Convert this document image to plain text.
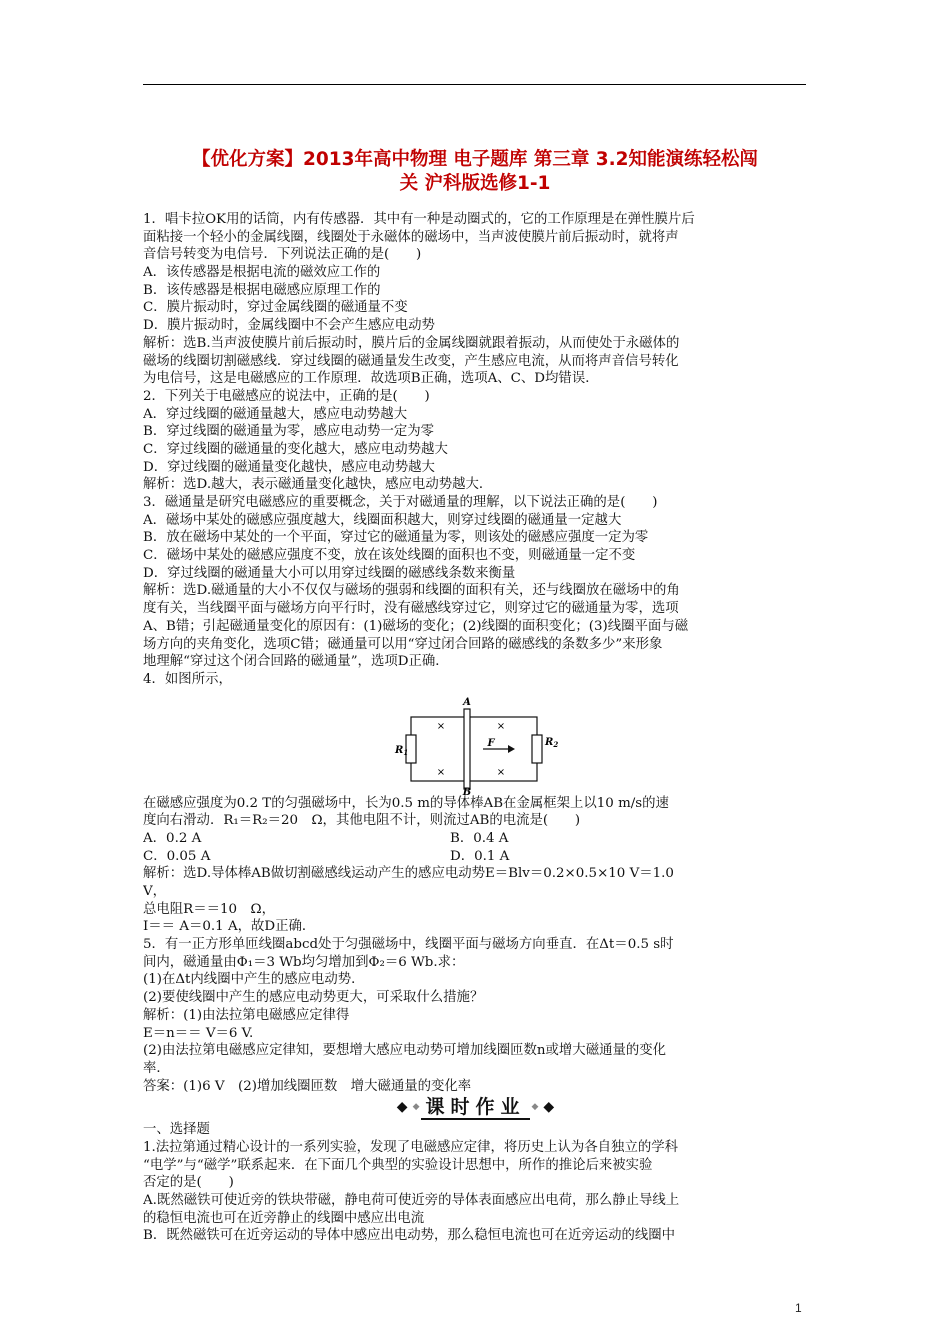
【优化方案】2013年高中物理 电子题库 第三章 3.2知能演练轻松闯
关 沪科版选修1-1
1．唱卡拉OK用的话筒，内有传感器．其中有一种是动圈式的，它的工作原理是在弹性膜片后
面粘接一个轻小的金属线圈，线圈处于永磁体的磁场中，当声波使膜片前后振动时，就将声
音信号转变为电信号．下列说法正确的是(　　)
A．该传感器是根据电流的磁效应工作的
B．该传感器是根据电磁感应原理工作的
C．膜片振动时，穿过金属线圈的磁通量不变
D．膜片振动时，金属线圈中不会产生感应电动势
解析：选B.当声波使膜片前后振动时，膜片后的金属线圈就跟着振动，从而使处于永磁体的
磁场的线圈切割磁感线．穿过线圈的磁通量发生改变，产生感应电流，从而将声音信号转化
为电信号，这是电磁感应的工作原理．故选项B正确，选项A、C、D均错误．
2．下列关于电磁感应的说法中，正确的是(　　)
A．穿过线圈的磁通量越大，感应电动势越大
B．穿过线圈的磁通量为零，感应电动势一定为零
C．穿过线圈的磁通量的变化越大，感应电动势越大
D．穿过线圈的磁通量变化越快，感应电动势越大
解析：选D.越大，表示磁通量变化越快，感应电动势越大．
3．磁通量是研究电磁感应的重要概念，关于对磁通量的理解，以下说法正确的是(　　)
A．磁场中某处的磁感应强度越大，线圈面积越大，则穿过线圈的磁通量一定越大
B．放在磁场中某处的一个平面，穿过它的磁通量为零，则该处的磁感应强度一定为零
C．磁场中某处的磁感应强度不变，放在该处线圈的面积也不变，则磁通量一定不变
D．穿过线圈的磁通量大小可以用穿过线圈的磁感线条数来衡量
解析：选D.磁通量的大小不仅仅与磁场的强弱和线圈的面积有关，还与线圈放在磁场中的角
度有关，当线圈平面与磁场方向平行时，没有磁感线穿过它，则穿过它的磁通量为零，选项
A、B错；引起磁通量变化的原因有：(1)磁场的变化；(2)线圈的面积变化；(3)线圈平面与磁
场方向的夹角变化，选项C错；磁通量可以用“穿过闭合回路的磁感线的条数多少”来形象
地理解“穿过这个闭合回路的磁通量”，选项D正确．
4．如图所示，
×
×
×
×
A
B
F
$R_1$
$R_2$
在磁感应强度为0.2 T的匀强磁场中，长为0.5 m的导体棒AB在金属框架上以10 m/s的速
度向右滑动．R₁＝R₂＝20　Ω，其他电阻不计，则流过AB的电流是(　　)
A．0.2 A	B．0.4 A
C．0.05 A	D．0.1 A
解析：选D.导体棒AB做切割磁感线运动产生的感应电动势E＝Blv＝0.2×0.5×10 V＝1.0
V，
总电阻R＝＝10　Ω，
I＝＝ A＝0.1 A，故D正确．
5．有一正方形单匝线圈abcd处于匀强磁场中，线圈平面与磁场方向垂直．在Δt＝0.5 s时
间内，磁通量由Φ₁＝3 Wb均匀增加到Φ₂＝6 Wb.求：
(1)在Δt内线圈中产生的感应电动势．
(2)要使线圈中产生的感应电动势更大，可采取什么措施？
解析：(1)由法拉第电磁感应定律得
E＝n＝＝ V＝6 V.
(2)由法拉第电磁感应定律知，要想增大感应电动势可增加线圈匝数n或增大磁通量的变化
率．
答案：(1)6 V　(2)增加线圈匝数　增大磁通量的变化率
◆ ◆ 课时作业 ◆ ◆
一、选择题
1.法拉第通过精心设计的一系列实验，发现了电磁感应定律，将历史上认为各自独立的学科
“电学”与“磁学”联系起来．在下面几个典型的实验设计思想中，所作的推论后来被实验
否定的是(　　)
A.既然磁铁可使近旁的铁块带磁，静电荷可使近旁的导体表面感应出电荷，那么静止导线上
的稳恒电流也可在近旁静止的线圈中感应出电流
B．既然磁铁可在近旁运动的导体中感应出电动势，那么稳恒电流也可在近旁运动的线圈中
1
